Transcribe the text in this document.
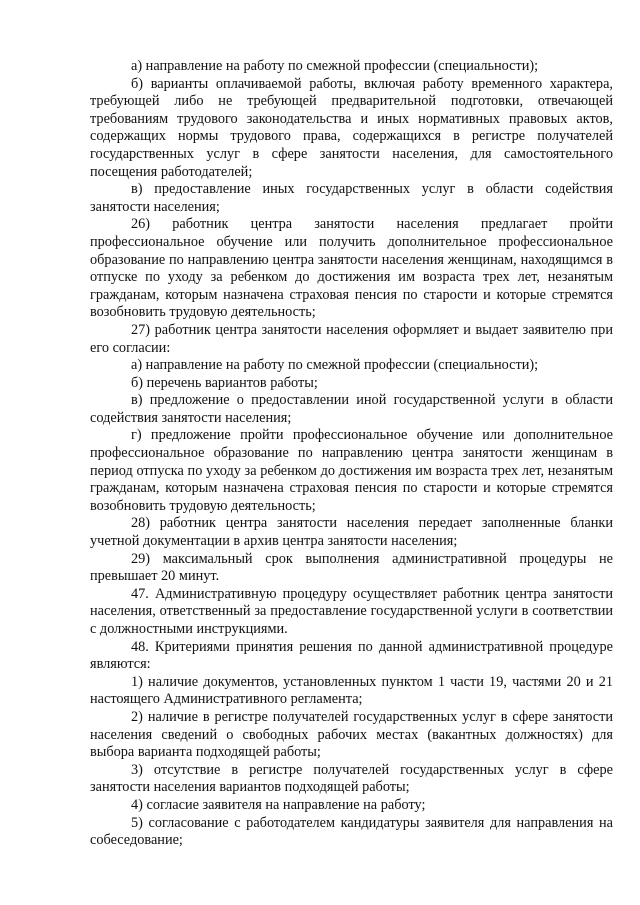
а) направление на работу по смежной профессии (специальности);

б) варианты оплачиваемой работы, включая работу временного характера, требующей либо не требующей предварительной подготовки, отвечающей требованиям трудового законодательства и иных нормативных правовых актов, содержащих нормы трудового права, содержащихся в регистре получателей государственных услуг в сфере занятости населения, для самостоятельного посещения работодателей;

в) предоставление иных государственных услуг в области содействия занятости населения;

26) работник центра занятости населения предлагает пройти профессиональное обучение или получить дополнительное профессиональное образование по направлению центра занятости населения женщинам, находящимся в отпуске по уходу за ребенком до достижения им возраста трех лет, незанятым гражданам, которым назначена страховая пенсия по старости и которые стремятся возобновить трудовую деятельность;

27) работник центра занятости населения оформляет и выдает заявителю при его согласии:

а) направление на работу по смежной профессии (специальности);

б) перечень вариантов работы;

в) предложение о предоставлении иной государственной услуги в области содействия занятости населения;

г) предложение пройти профессиональное обучение или дополнительное профессиональное образование по направлению центра занятости женщинам в период отпуска по уходу за ребенком до достижения им возраста трех лет, незанятым гражданам, которым назначена страховая пенсия по старости и которые стремятся возобновить трудовую деятельность;

28) работник центра занятости населения передает заполненные бланки учетной документации в архив центра занятости населения;

29) максимальный срок выполнения административной процедуры не превышает 20 минут.

47. Административную процедуру осуществляет работник центра занятости населения, ответственный за предоставление государственной услуги в соответствии с должностными инструкциями.

48. Критериями принятия решения по данной административной процедуре являются:

1) наличие документов, установленных пунктом 1 части 19, частями 20 и 21 настоящего Административного регламента;

2) наличие в регистре получателей государственных услуг в сфере занятости населения сведений о свободных рабочих местах (вакантных должностях) для выбора варианта подходящей работы;

3) отсутствие в регистре получателей государственных услуг в сфере занятости населения вариантов подходящей работы;

4) согласие заявителя на направление на работу;

5) согласование с работодателем кандидатуры заявителя для направления на собеседование;
